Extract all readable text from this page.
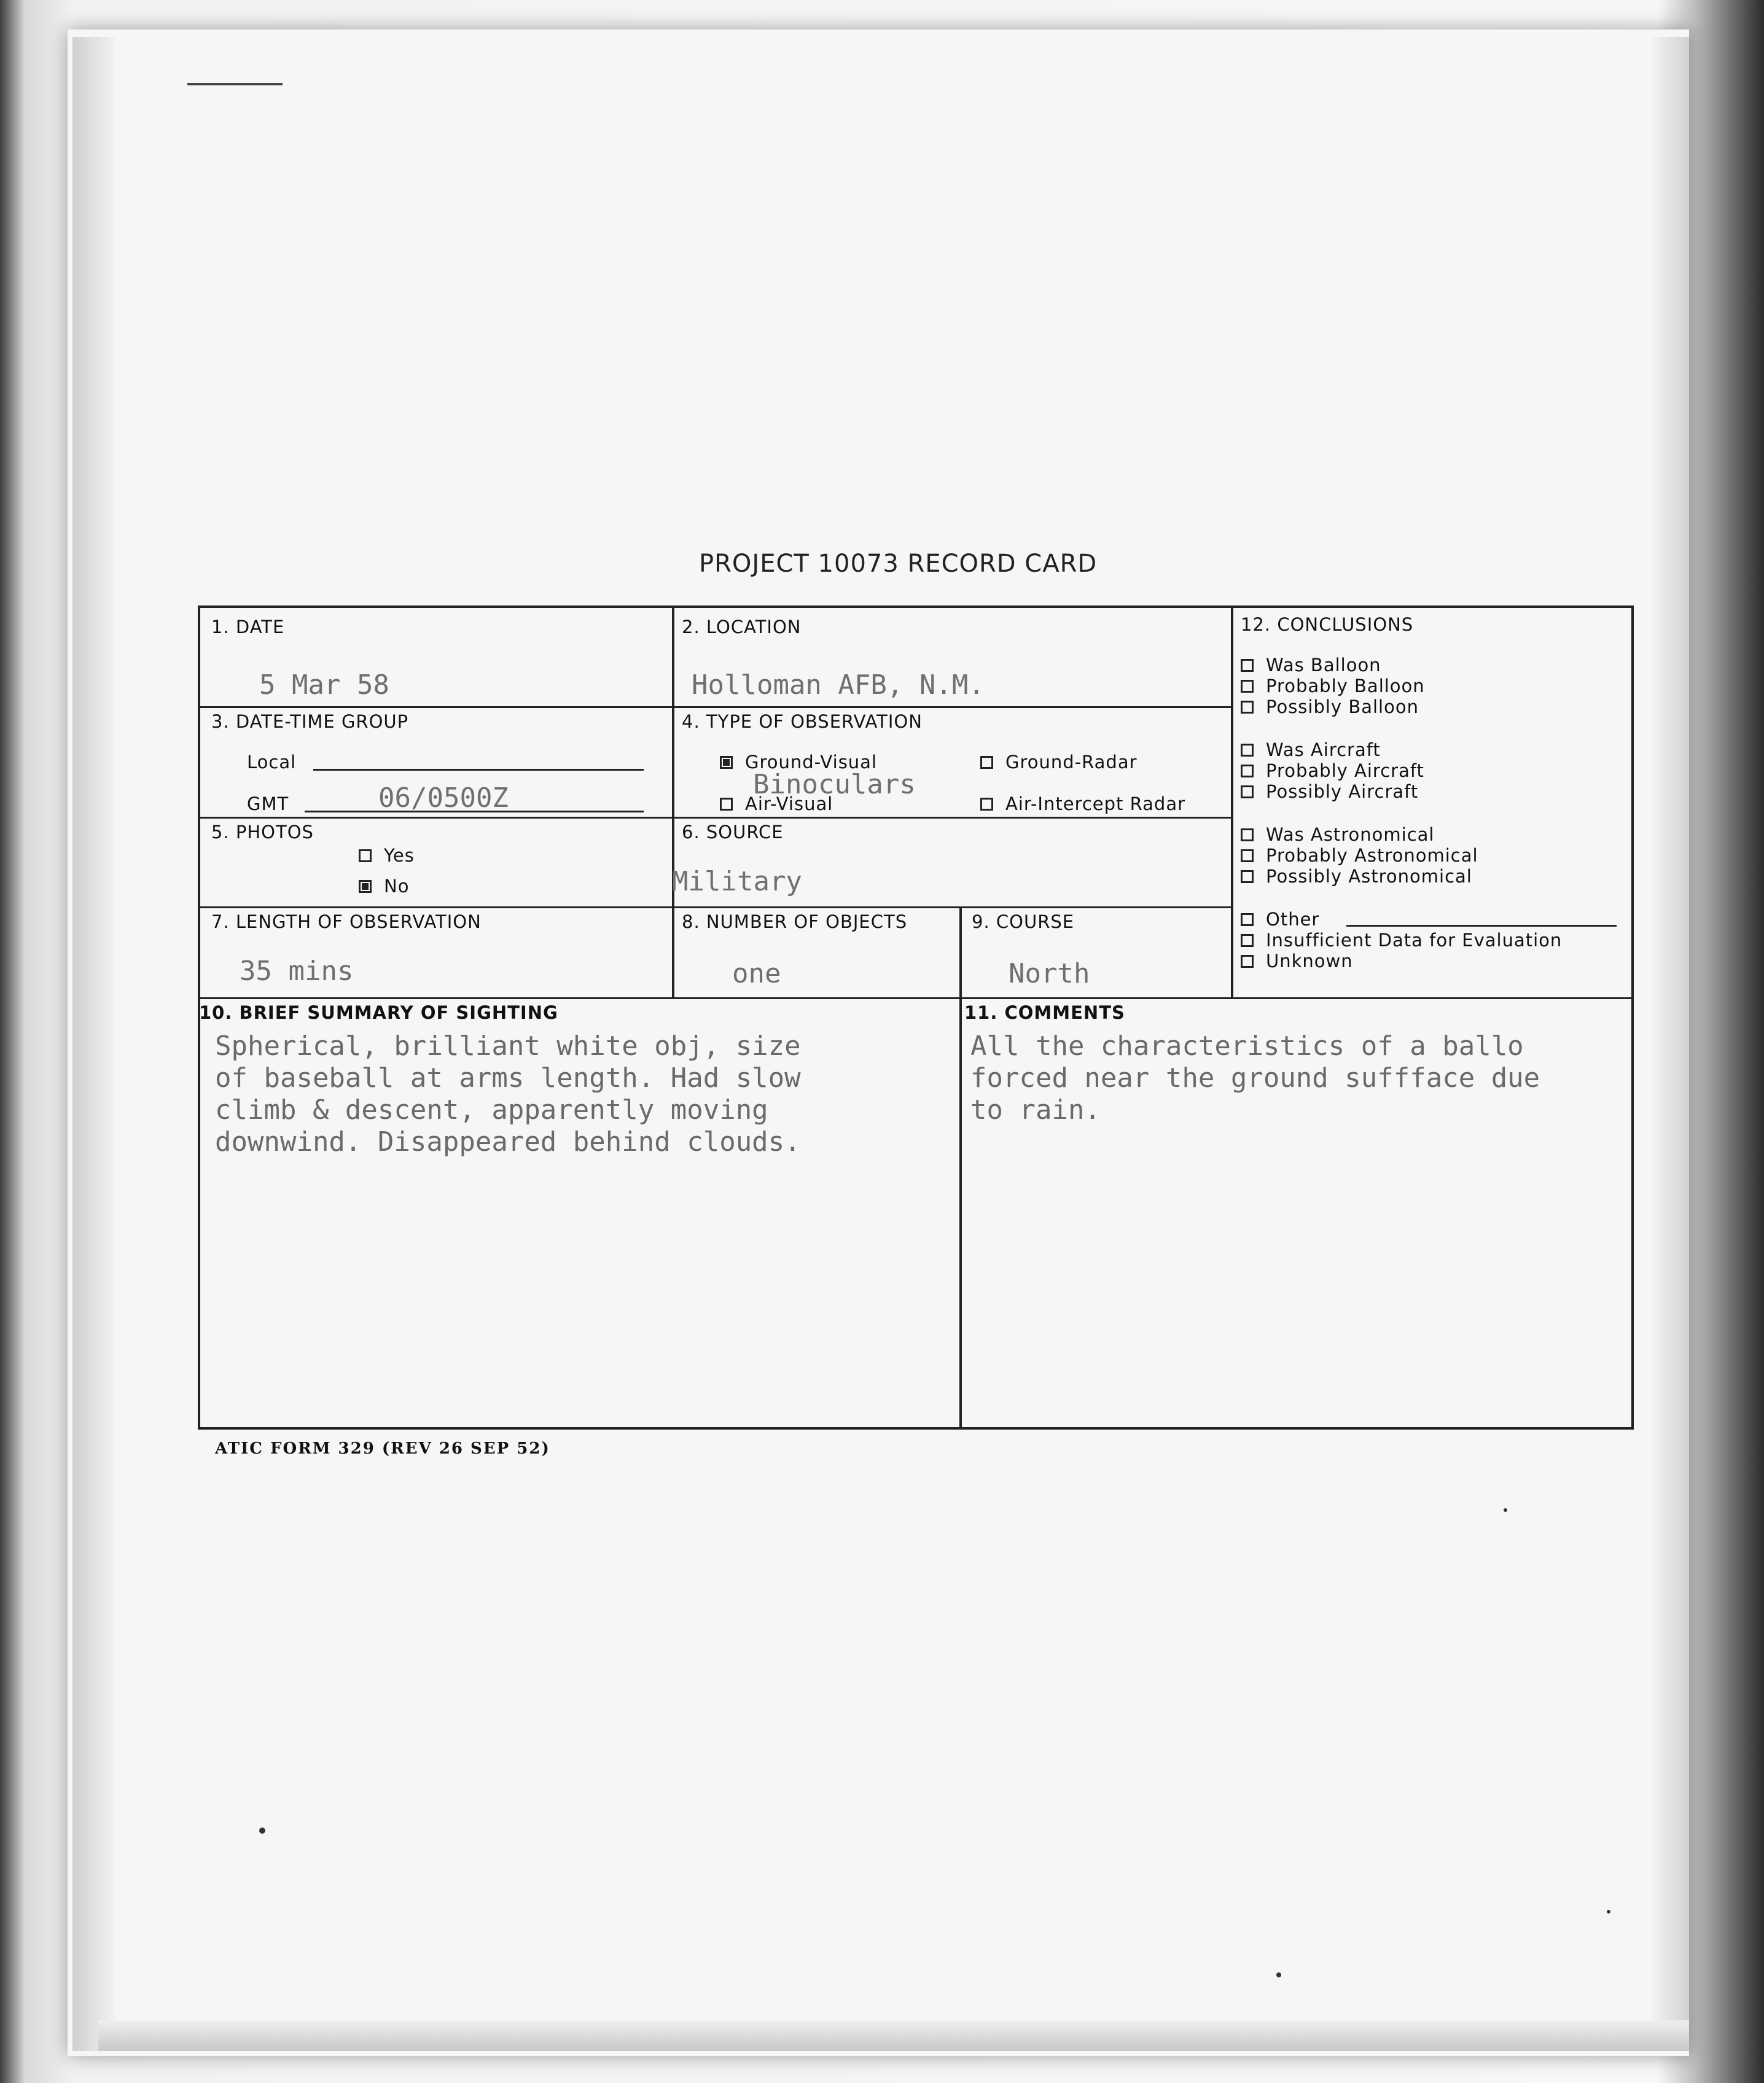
PROJECT 10073 RECORD CARD
1. DATE
5 Mar 58
2. LOCATION
Holloman AFB, N.M.
3. DATE-TIME GROUP
Local
GMT	06/0500Z
4. TYPE OF OBSERVATION
Ground-Visual	Ground-Radar
Air-Visual	Air-Intercept Radar
Binoculars
5. PHOTOS
Yes
No
6. SOURCE
Military
7. LENGTH OF OBSERVATION
35 mins
8. NUMBER OF OBJECTS
one
9. COURSE
North
10. BRIEF SUMMARY OF SIGHTING
Spherical, brilliant white obj, size
of baseball at arms length. Had slow
climb & descent, apparently moving
downwind. Disappeared behind clouds.
11. COMMENTS
All the characteristics of a ballo
forced near the ground suffface due
to rain.
12. CONCLUSIONS
Was Balloon
Probably Balloon
Possibly Balloon
Was Aircraft
Probably Aircraft
Possibly Aircraft
Was Astronomical
Probably Astronomical
Possibly Astronomical
Other
Insufficient Data for Evaluation
Unknown
ATIC FORM 329 (REV 26 SEP 52)
